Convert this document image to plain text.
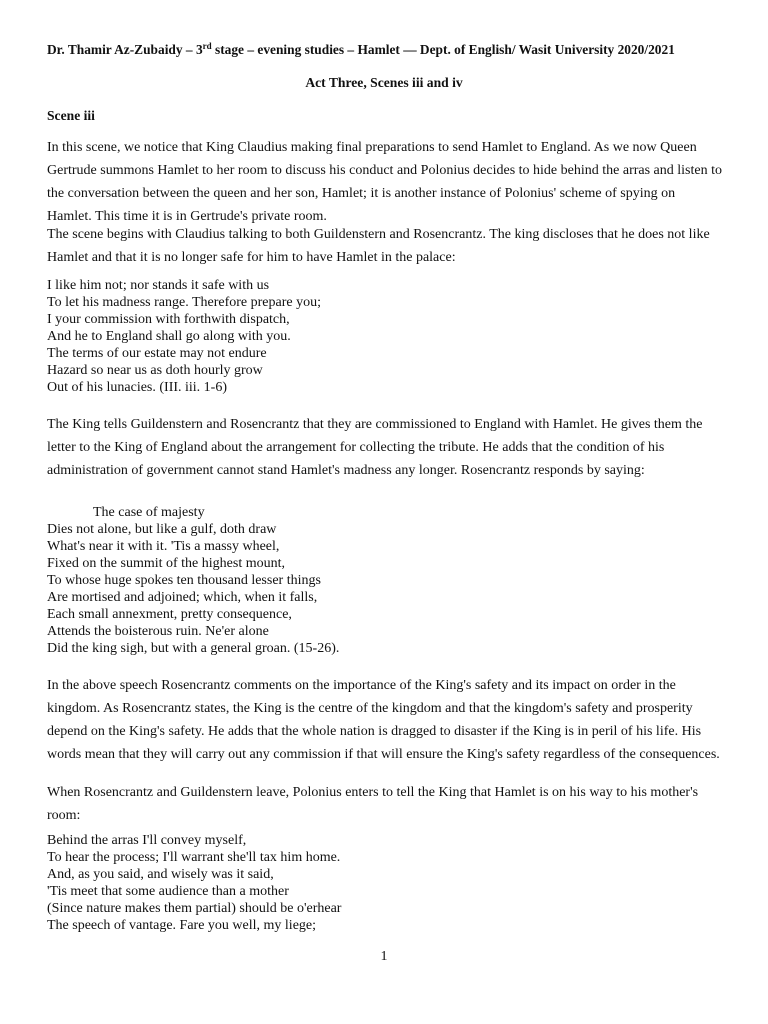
Dr. Thamir Az-Zubaidy – 3rd stage – evening studies – Hamlet — Dept. of English/ Wasit University 2020/2021
Act Three, Scenes iii and iv
Scene iii

In this scene, we notice that King Claudius making final preparations to send Hamlet to England. As we now Queen Gertrude summons Hamlet to her room to discuss his conduct and Polonius decides to hide behind the arras and listen to the conversation between the queen and her son, Hamlet; it is another instance of Polonius' scheme of spying on Hamlet. This time it is in Gertrude's private room.

The scene begins with Claudius talking to both Guildenstern and Rosencrantz. The king discloses that he does not like Hamlet and that it is no longer safe for him to have Hamlet in the palace:

I like him not; nor stands it safe with us
To let his madness range. Therefore prepare you;
I your commission with forthwith dispatch,
And he to England shall go along with you.
The terms of our estate may not endure
Hazard so near us as doth hourly grow
Out of his lunacies. (III. iii. 1-6)

The King tells Guildenstern and Rosencrantz that they are commissioned to England with Hamlet. He gives them the letter to the King of England about the arrangement for collecting the tribute. He adds that the condition of his administration of government cannot stand Hamlet's madness any longer. Rosencrantz responds by saying:

The case of majesty
Dies not alone, but like a gulf, doth draw
What's near it with it. 'Tis a massy wheel,
Fixed on the summit of the highest mount,
To whose huge spokes ten thousand lesser things
Are mortised and adjoined; which, when it falls,
Each small annexment, pretty consequence,
Attends the boisterous ruin. Ne'er alone
Did the king sigh, but with a general groan. (15-26).

In the above speech Rosencrantz comments on the importance of the King's safety and its impact on order in the kingdom. As Rosencrantz states, the King is the centre of the kingdom and that the kingdom's safety and prosperity depend on the King's safety. He adds that the whole nation is dragged to disaster if the King is in peril of his life. His words mean that they will carry out any commission if that will ensure the King's safety regardless of the consequences.

When Rosencrantz and Guildenstern leave, Polonius enters to tell the King that Hamlet is on his way to his mother's room:

Behind the arras I'll convey myself,
To hear the process; I'll warrant she'll tax him home.
And, as you said, and wisely was it said,
'Tis meet that some audience than a mother
(Since nature makes them partial) should be o'erhear
The speech of vantage. Fare you well, my liege;
1
